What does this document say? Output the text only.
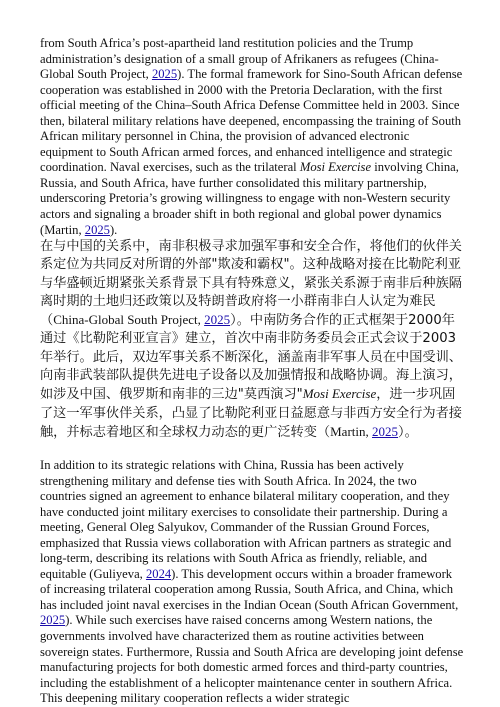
from South Africa’s post-apartheid land restitution policies and the Trump administration’s designation of a small group of Afrikaners as refugees (China-Global South Project, 2025). The formal framework for Sino-South African defense cooperation was established in 2000 with the Pretoria Declaration, with the first official meeting of the China–South Africa Defense Committee held in 2003. Since then, bilateral military relations have deepened, encompassing the training of South African military personnel in China, the provision of advanced electronic equipment to South African armed forces, and enhanced intelligence and strategic coordination. Naval exercises, such as the trilateral Mosi Exercise involving China, Russia, and South Africa, have further consolidated this military partnership, underscoring Pretoria’s growing willingness to engage with non-Western security actors and signaling a broader shift in both regional and global power dynamics (Martin, 2025).

在与中国的关系中，南非积极寻求加强军事和安全合作，将他们的伙伴关系定位为共同反对所谓的外部"欺凌和霸权"。这种战略对接在比勒陀利亚与华盛顿近期紧张关系背景下具有特殊意义，紧张关系源于南非后种族隔离时期的土地归还政策以及特朗普政府将一小群南非白人认定为难民（China-Global South Project, 2025）。中南防务合作的正式框架于2000年通过《比勒陀利亚宣言》建立，首次中南非防务委员会正式会议于2003年举行。此后，双边军事关系不断深化，涵盖南非军事人员在中国受训、向南非武装部队提供先进电子设备以及加强情报和战略协调。海上演习，如涉及中国、俄罗斯和南非的三边"莫西演习"Mosi Exercise，进一步巩固了这一军事伙伴关系，凸显了比勒陀利亚日益愿意与非西方安全行为者接触，并标志着地区和全球权力动态的更广泛转变（Martin, 2025）。

In addition to its strategic relations with China, Russia has been actively strengthening military and defense ties with South Africa. In 2024, the two countries signed an agreement to enhance bilateral military cooperation, and they have conducted joint military exercises to consolidate their partnership. During a meeting, General Oleg Salyukov, Commander of the Russian Ground Forces, emphasized that Russia views collaboration with African partners as strategic and long-term, describing its relations with South Africa as friendly, reliable, and equitable (Guliyeva, 2024). This development occurs within a broader framework of increasing trilateral cooperation among Russia, South Africa, and China, which has included joint naval exercises in the Indian Ocean (South African Government, 2025). While such exercises have raised concerns among Western nations, the governments involved have characterized them as routine activities between sovereign states. Furthermore, Russia and South Africa are developing joint defense manufacturing projects for both domestic armed forces and third-party countries, including the establishment of a helicopter maintenance center in southern Africa. This deepening military cooperation reflects a wider strategic
